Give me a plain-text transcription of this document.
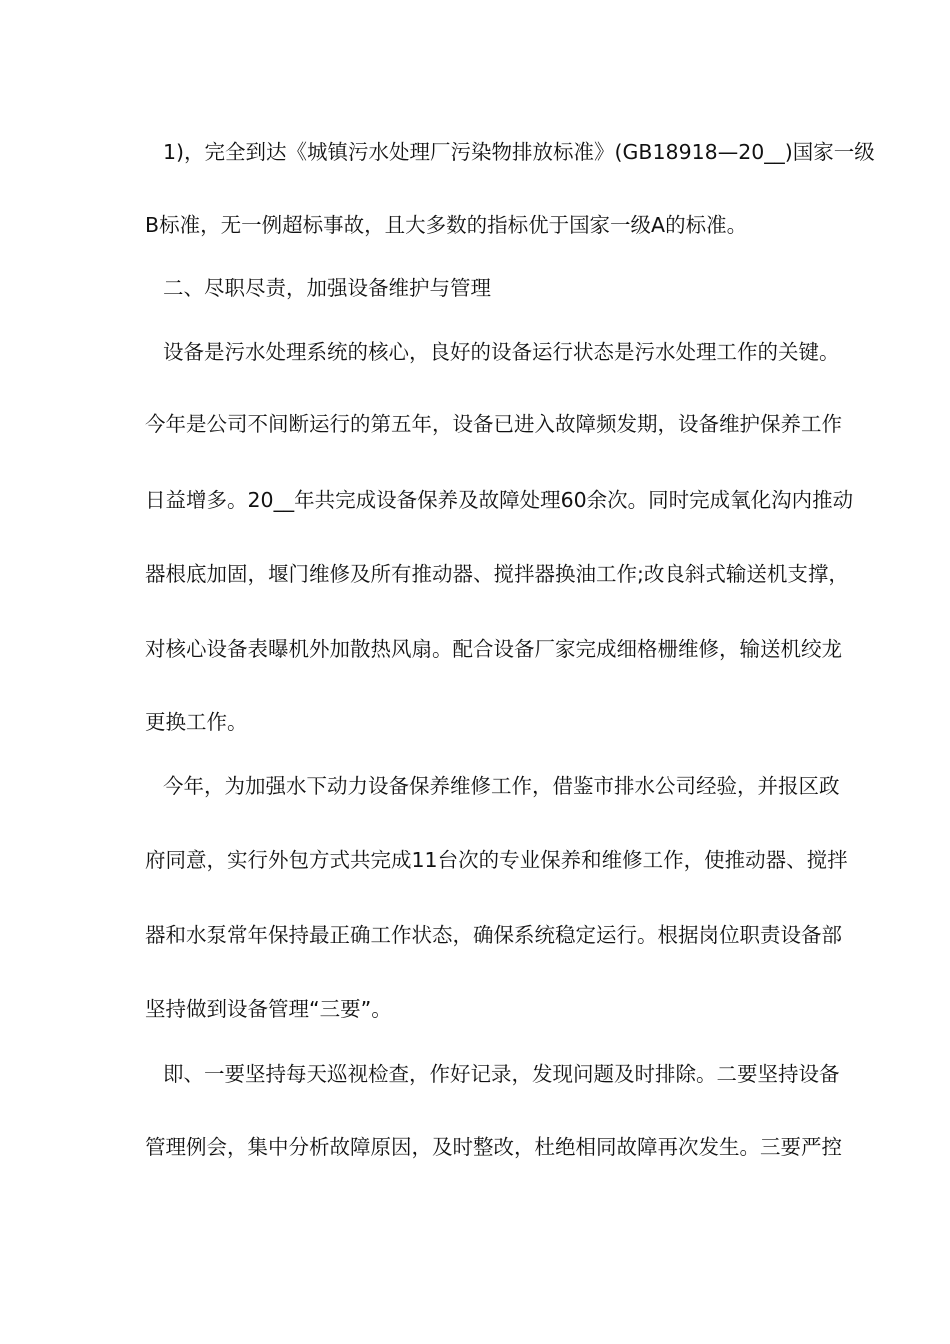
1)，完全到达《城镇污水处理厂污染物排放标准》(GB18918—20__)国家一级
B标准，无一例超标事故，且大多数的指标优于国家一级A的标准。
二、尽职尽责，加强设备维护与管理
设备是污水处理系统的核心，良好的设备运行状态是污水处理工作的关键。
今年是公司不间断运行的第五年，设备已进入故障频发期，设备维护保养工作
日益增多。20__年共完成设备保养及故障处理60余次。同时完成氧化沟内推动
器根底加固，堰门维修及所有推动器、搅拌器换油工作;改良斜式输送机支撑，
对核心设备表曝机外加散热风扇。配合设备厂家完成细格栅维修，输送机绞龙
更换工作。
今年，为加强水下动力设备保养维修工作，借鉴市排水公司经验，并报区政
府同意，实行外包方式共完成11台次的专业保养和维修工作，使推动器、搅拌
器和水泵常年保持最正确工作状态，确保系统稳定运行。根据岗位职责设备部
坚持做到设备管理“三要”。
即、一要坚持每天巡视检查，作好记录，发现问题及时排除。二要坚持设备
管理例会，集中分析故障原因，及时整改，杜绝相同故障再次发生。三要严控
